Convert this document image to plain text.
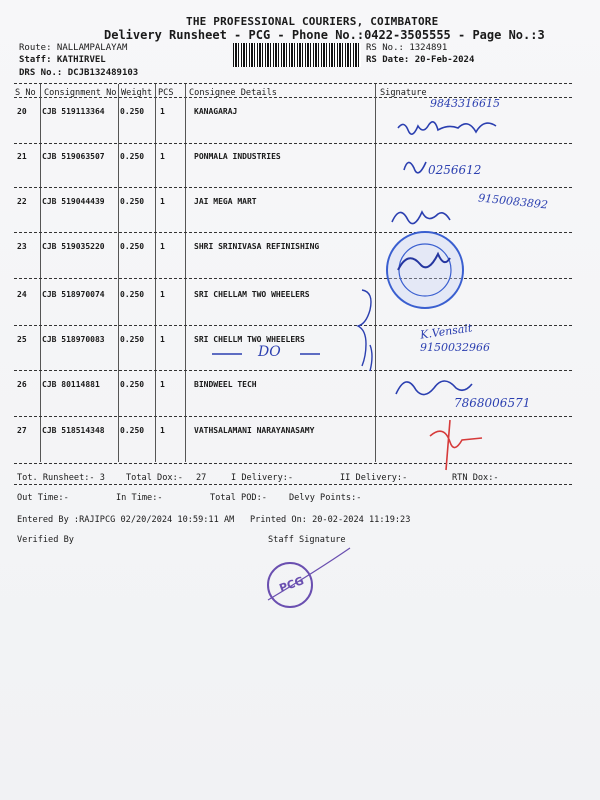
THE PROFESSIONAL COURIERS, COIMBATORE
Delivery Runsheet - PCG - Phone No.:0422-3505555 - Page No.:3
Route: NALLAMPALAYAM
Staff: KATHIRVEL
DRS No.: DCJB132489103
RS No.: 1324891
RS Date: 20-Feb-2024
S No Consignment No Weight PCS Consignee Details	Signature
20 CJB 519113364 0.250 1	KANAGARAJ
21 CJB 519063507 0.250 1	PONMALA INDUSTRIES
22 CJB 519044439 0.250 1	JAI MEGA MART
23 CJB 519035220 0.250 1	SHRI SRINIVASA REFINISHING
24 CJB 518970074 0.250 1	SRI CHELLAM TWO WHEELERS
25 CJB 518970083 0.250 1	SRI CHELLM TWO WHEELERS
26 CJB 80114881	0.250 1	BINDWEEL TECH
27 CJB 518514348 0.250 1	VATHSALAMANI NARAYANASAMY
Tot. Runsheet:- 3 Total Dox:- 27	I Delivery:-	II Delivery:-	RTN Dox:-
Out Time:-	In Time:-	Total POD:-	Delvy Points:-
Entered By :RAJIPCG 02/20/2024 10:59:11 AM Printed On: 20-02-2024 11:19:23
Verified By	Staff Signature
9843316615
0256612
9150083892
K.Vensait
9150032966
7868006571
DO
PCG
